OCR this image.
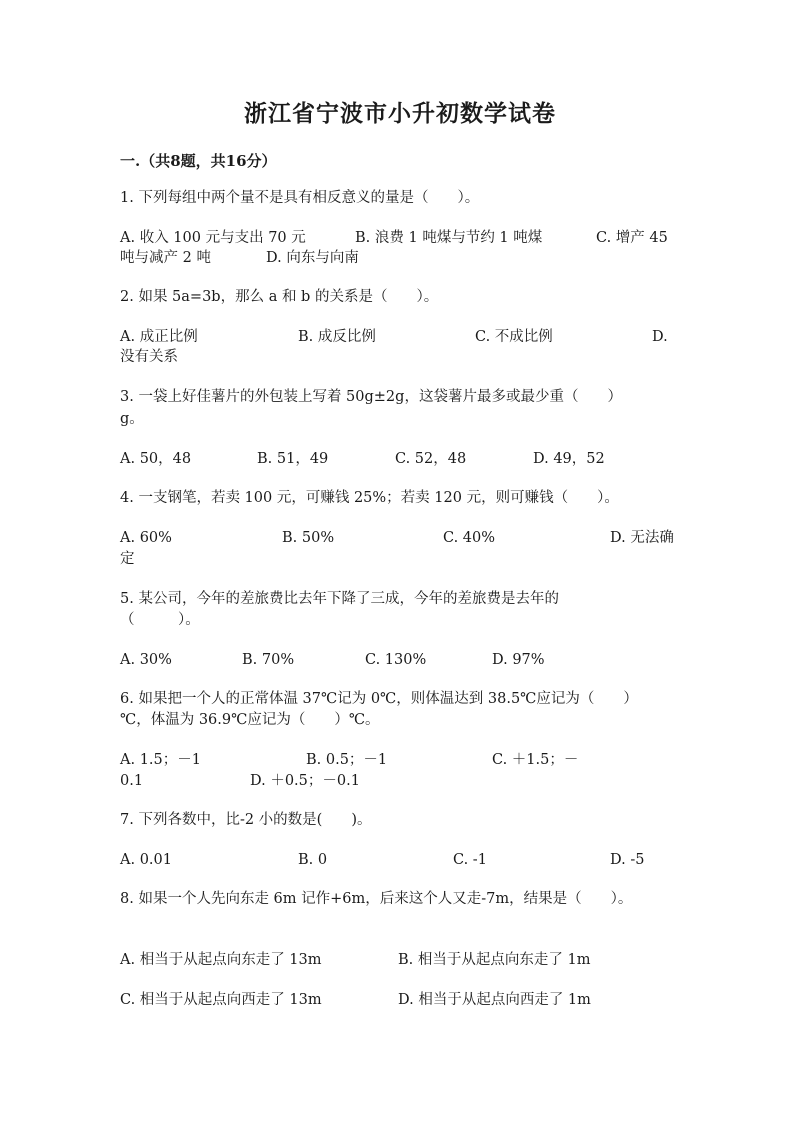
浙江省宁波市小升初数学试卷
一.（共8题，共16分）
1. 下列每组中两个量不是具有相反意义的量是（　　）。
A. 收入 100 元与支出 70 元	B. 浪费 1 吨煤与节约 1 吨煤	C. 增产 45
吨与减产 2 吨	D. 向东与向南
2. 如果 5a=3b，那么 a 和 b 的关系是（　　）。
A. 成正比例	B. 成反比例	C. 不成比例	D.
没有关系
3. 一袋上好佳薯片的外包装上写着 50g±2g，这袋薯片最多或最少重（　　）
g。
A. 50，48	B. 51，49	C. 52，48	D. 49，52
4. 一支钢笔，若卖 100 元，可赚钱 25%；若卖 120 元，则可赚钱（　　）。
A. 60%	B. 50%	C. 40%	D. 无法确
定
5. 某公司，今年的差旅费比去年下降了三成，今年的差旅费是去年的
（　　　）。
A. 30%	B. 70%	C. 130%	D. 97%
6. 如果把一个人的正常体温 37℃记为 0℃，则体温达到 38.5℃应记为（　　）
℃，体温为 36.9℃应记为（　　）℃。
A. 1.5；－1	B. 0.5；－1	C. ＋1.5；－
0.1	D. ＋0.5；－0.1
7. 下列各数中，比-2 小的数是(　　)。
A. 0.01	B. 0	C. -1	D. -5
8. 如果一个人先向东走 6m 记作+6m，后来这个人又走-7m，结果是（　　）。
A. 相当于从起点向东走了 13m	B. 相当于从起点向东走了 1m
C. 相当于从起点向西走了 13m	D. 相当于从起点向西走了 1m
